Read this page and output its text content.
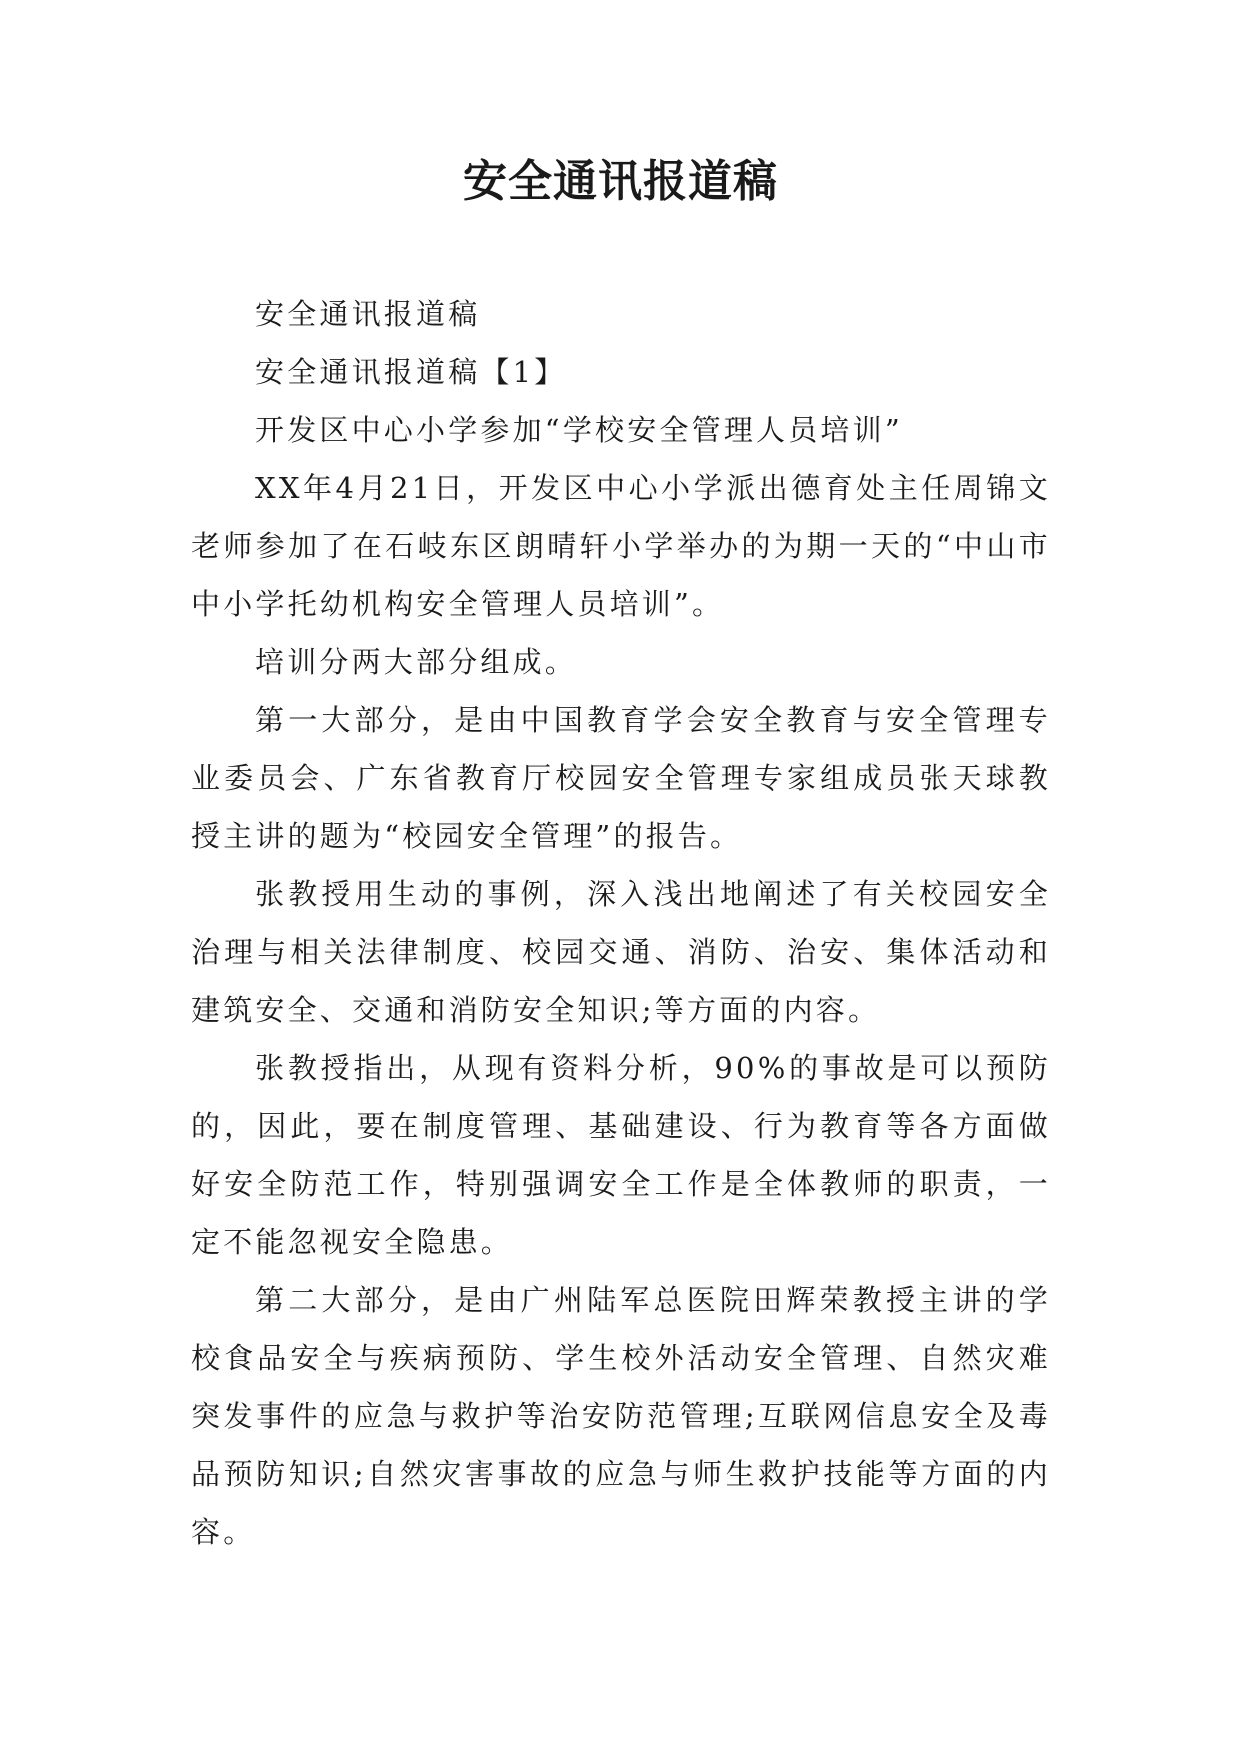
安全通讯报道稿

安全通讯报道稿

安全通讯报道稿【1】

开发区中心小学参加“学校安全管理人员培训”

XX年4月21日，开发区中心小学派出德育处主任周锦文老师参加了在石岐东区朗晴轩小学举办的为期一天的“中山市中小学托幼机构安全管理人员培训”。

培训分两大部分组成。

第一大部分，是由中国教育学会安全教育与安全管理专业委员会、广东省教育厅校园安全管理专家组成员张天球教授主讲的题为“校园安全管理”的报告。

张教授用生动的事例，深入浅出地阐述了有关校园安全治理与相关法律制度、校园交通、消防、治安、集体活动和建筑安全、交通和消防安全知识;等方面的内容。

张教授指出，从现有资料分析，90%的事故是可以预防的，因此，要在制度管理、基础建设、行为教育等各方面做好安全防范工作，特别强调安全工作是全体教师的职责，一定不能忽视安全隐患。

第二大部分，是由广州陆军总医院田辉荣教授主讲的学校食品安全与疾病预防、学生校外活动安全管理、自然灾难突发事件的应急与救护等治安防范管理;互联网信息安全及毒品预防知识;自然灾害事故的应急与师生救护技能等方面的内容。
